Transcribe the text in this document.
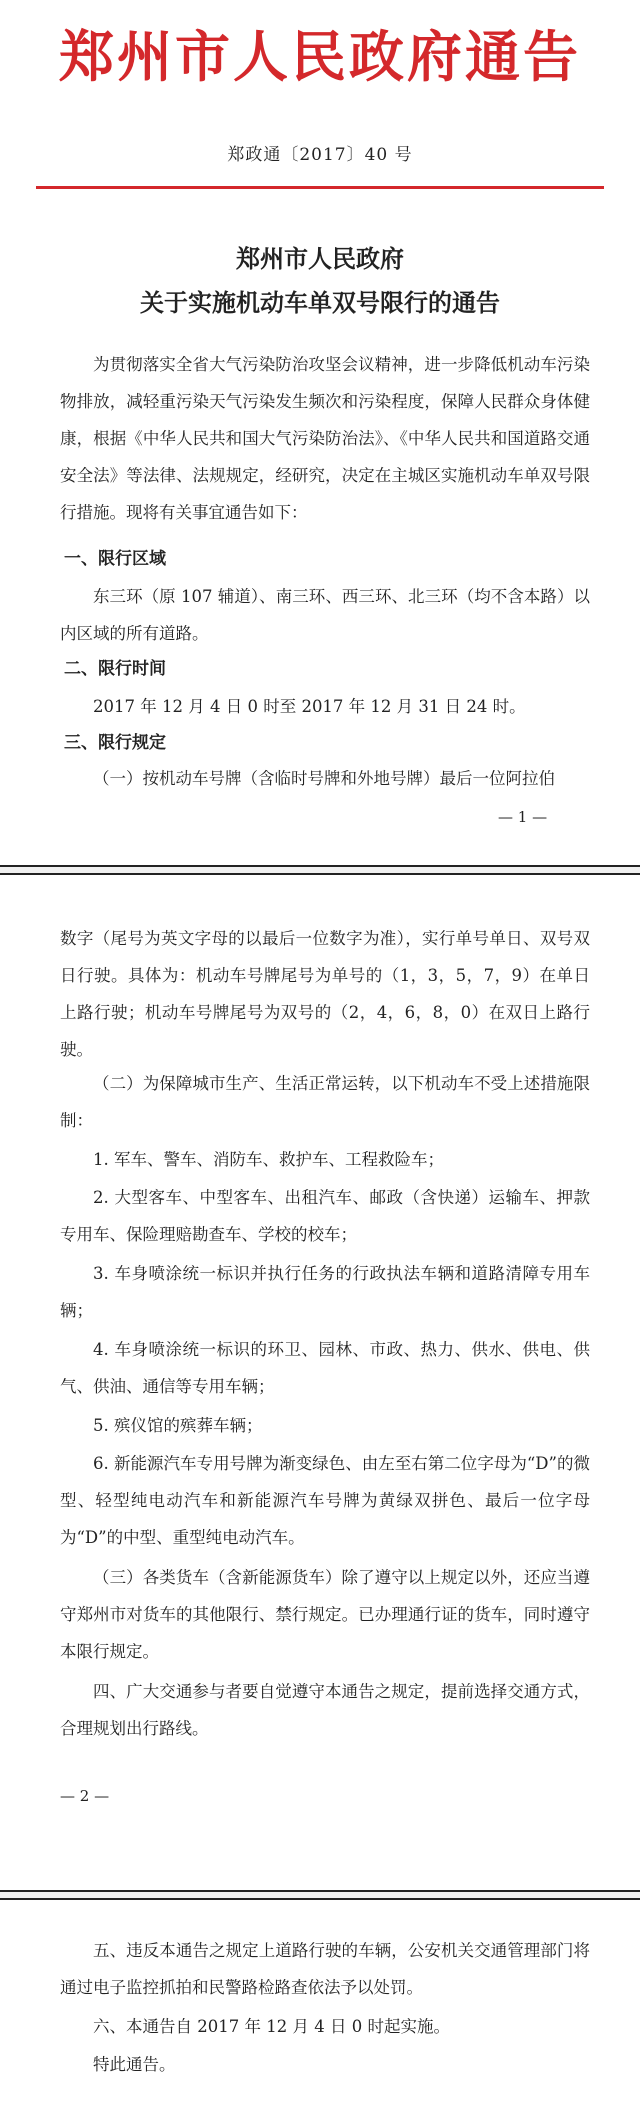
郑州市人民政府通告
郑政通〔2017〕40 号
郑州市人民政府
关于实施机动车单双号限行的通告
为贯彻落实全省大气污染防治攻坚会议精神，进一步降低机动车污染物排放，减轻重污染天气污染发生频次和污染程度，保障人民群众身体健康，根据《中华人民共和国大气污染防治法》、《中华人民共和国道路交通安全法》等法律、法规规定，经研究，决定在主城区实施机动车单双号限行措施。现将有关事宜通告如下：
一、限行区域
东三环（原 107 辅道）、南三环、西三环、北三环（均不含本路）以内区域的所有道路。
二、限行时间
2017 年 12 月 4 日 0 时至 2017 年 12 月 31 日 24 时。
三、限行规定
（一）按机动车号牌（含临时号牌和外地号牌）最后一位阿拉伯
— 1 —
数字（尾号为英文字母的以最后一位数字为准），实行单号单日、双号双日行驶。具体为：机动车号牌尾号为单号的（1，3，5，7，9）在单日上路行驶；机动车号牌尾号为双号的（2，4，6，8，0）在双日上路行驶。
（二）为保障城市生产、生活正常运转，以下机动车不受上述措施限制：
1. 军车、警车、消防车、救护车、工程救险车；
2. 大型客车、中型客车、出租汽车、邮政（含快递）运输车、押款专用车、保险理赔勘查车、学校的校车；
3. 车身喷涂统一标识并执行任务的行政执法车辆和道路清障专用车辆；
4. 车身喷涂统一标识的环卫、园林、市政、热力、供水、供电、供气、供油、通信等专用车辆；
5. 殡仪馆的殡葬车辆；
6. 新能源汽车专用号牌为渐变绿色、由左至右第二位字母为“D”的微型、轻型纯电动汽车和新能源汽车号牌为黄绿双拼色、最后一位字母为“D”的中型、重型纯电动汽车。
（三）各类货车（含新能源货车）除了遵守以上规定以外，还应当遵守郑州市对货车的其他限行、禁行规定。已办理通行证的货车，同时遵守本限行规定。
四、广大交通参与者要自觉遵守本通告之规定，提前选择交通方式，合理规划出行路线。
— 2 —
五、违反本通告之规定上道路行驶的车辆，公安机关交通管理部门将通过电子监控抓拍和民警路检路查依法予以处罚。
六、本通告自 2017 年 12 月 4 日 0 时起实施。
特此通告。
